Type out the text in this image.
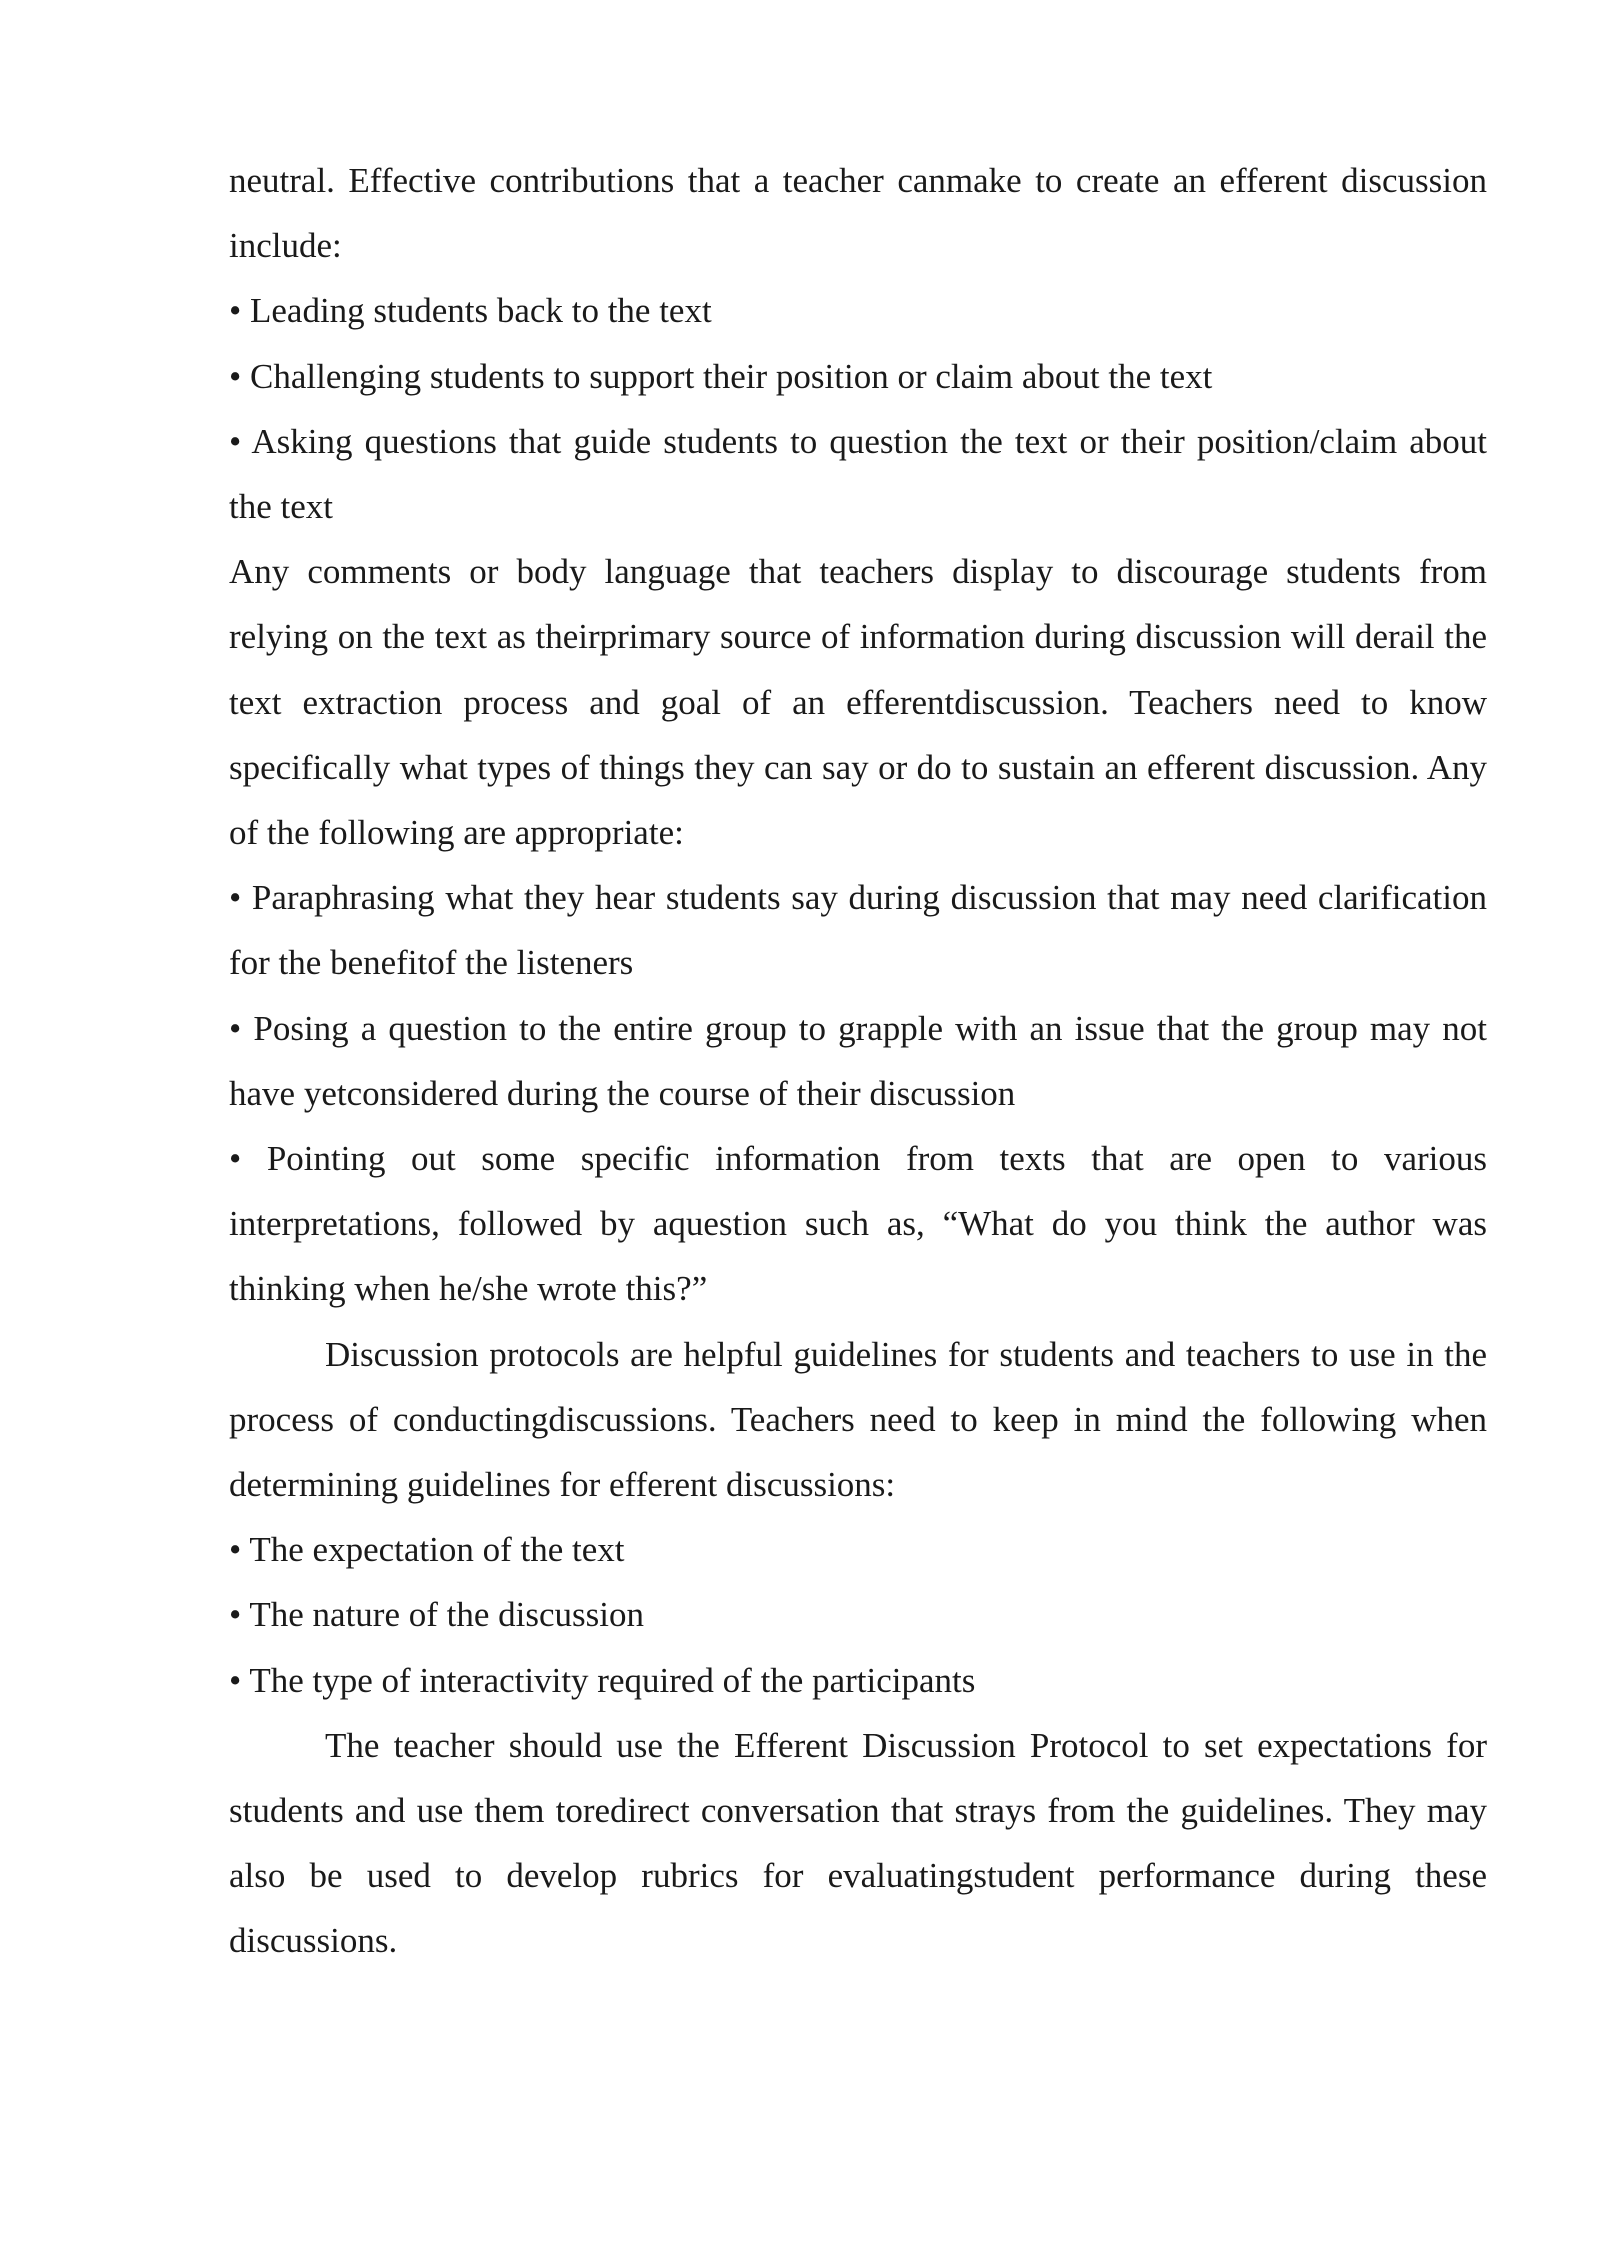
neutral. Effective contributions that a teacher canmake to create an efferent discussion include:

• Leading students back to the text

• Challenging students to support their position or claim about the text

• Asking questions that guide students to question the text or their position/claim about the text

Any comments or body language that teachers display to discourage students from relying on the text as theirprimary source of information during discussion will derail the text extraction process and goal of an efferentdiscussion. Teachers need to know specifically what types of things they can say or do to sustain an efferent discussion. Any of the following are appropriate:

• Paraphrasing what they hear students say during discussion that may need clarification for the benefitof the listeners

• Posing a question to the entire group to grapple with an issue that the group may not have yetconsidered during the course of their discussion

• Pointing out some specific information from texts that are open to various interpretations, followed by aquestion such as, “What do you think the author was thinking when he/she wrote this?”

Discussion protocols are helpful guidelines for students and teachers to use in the process of conductingdiscussions. Teachers need to keep in mind the following when determining guidelines for efferent discussions:

• The expectation of the text

• The nature of the discussion

• The type of interactivity required of the participants

The teacher should use the Efferent Discussion Protocol to set expectations for students and use them toredirect conversation that strays from the guidelines. They may also be used to develop rubrics for evaluatingstudent performance during these discussions.
